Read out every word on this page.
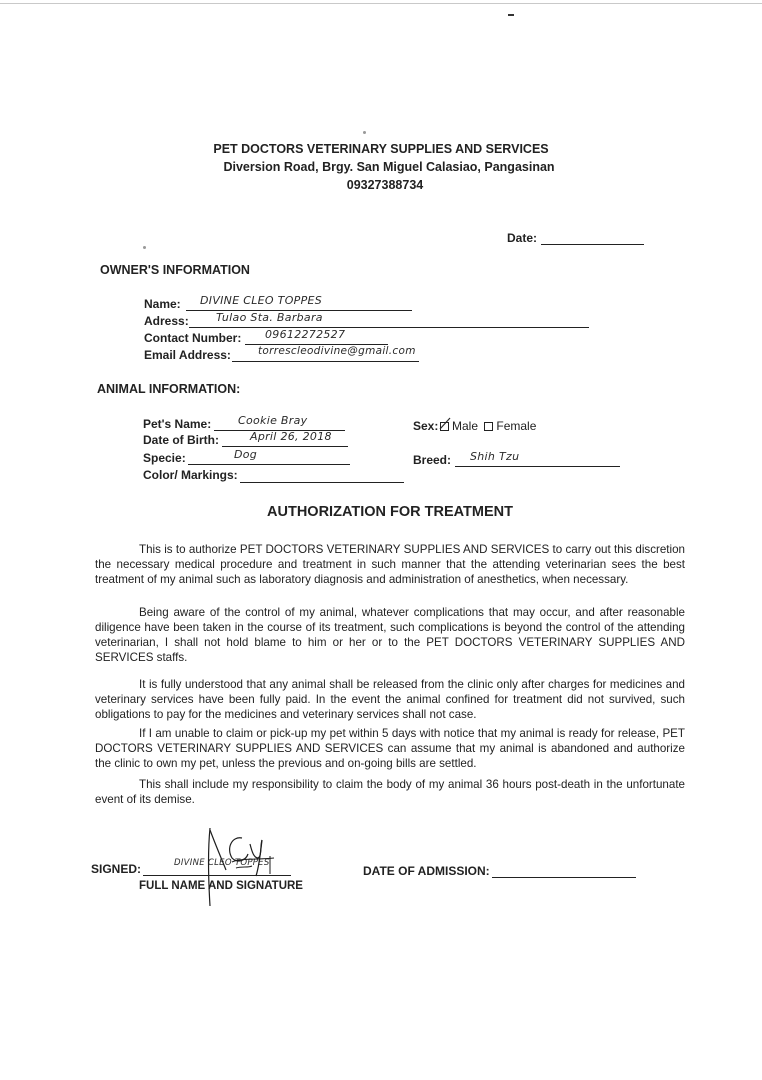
PET DOCTORS VETERINARY SUPPLIES AND SERVICES
Diversion Road, Brgy. San Miguel Calasiao, Pangasinan
09327388734
Date:
OWNER'S INFORMATION
Name: DIVINE CLEO TOPPES
Adress: Tulao Sta. Barbara
Contact Number: 09612272527
Email Address:	torrescleodivine@gmail.com
ANIMAL INFORMATION:
Pet's Name: Cookie Bray
Date of Birth:	April 26, 2018
Specie:	Dog
Color/ Markings:
Sex:	Male Female
Breed: Shih Tzu
AUTHORIZATION FOR TREATMENT

This is to authorize PET DOCTORS VETERINARY SUPPLIES AND SERVICES to carry out this discretion the necessary medical procedure and treatment in such manner that the attending veterinarian sees the best treatment of my animal such as laboratory diagnosis and administration of anesthetics, when necessary.

Being aware of the control of my animal, whatever complications that may occur, and after reasonable diligence have been taken in the course of its treatment, such complications is beyond the control of the attending veterinarian, I shall not hold blame to him or her or to the PET DOCTORS VETERINARY SUPPLIES AND SERVICES staffs.

It is fully understood that any animal shall be released from the clinic only after charges for medicines and veterinary services have been fully paid. In the event the animal confined for treatment did not survived, such obligations to pay for the medicines and veterinary services shall not case.

If I am unable to claim or pick-up my pet within 5 days with notice that my animal is ready for release, PET DOCTORS VETERINARY SUPPLIES AND SERVICES can assume that my animal is abandoned and authorize the clinic to own my pet, unless the previous and on-going bills are settled.

This shall include my responsibility to claim the body of my animal 36 hours post-death in the unfortunate event of its demise.

SIGNED:	DIVINE CLEO TOPPES
FULL NAME AND SIGNATURE
DATE OF ADMISSION:
